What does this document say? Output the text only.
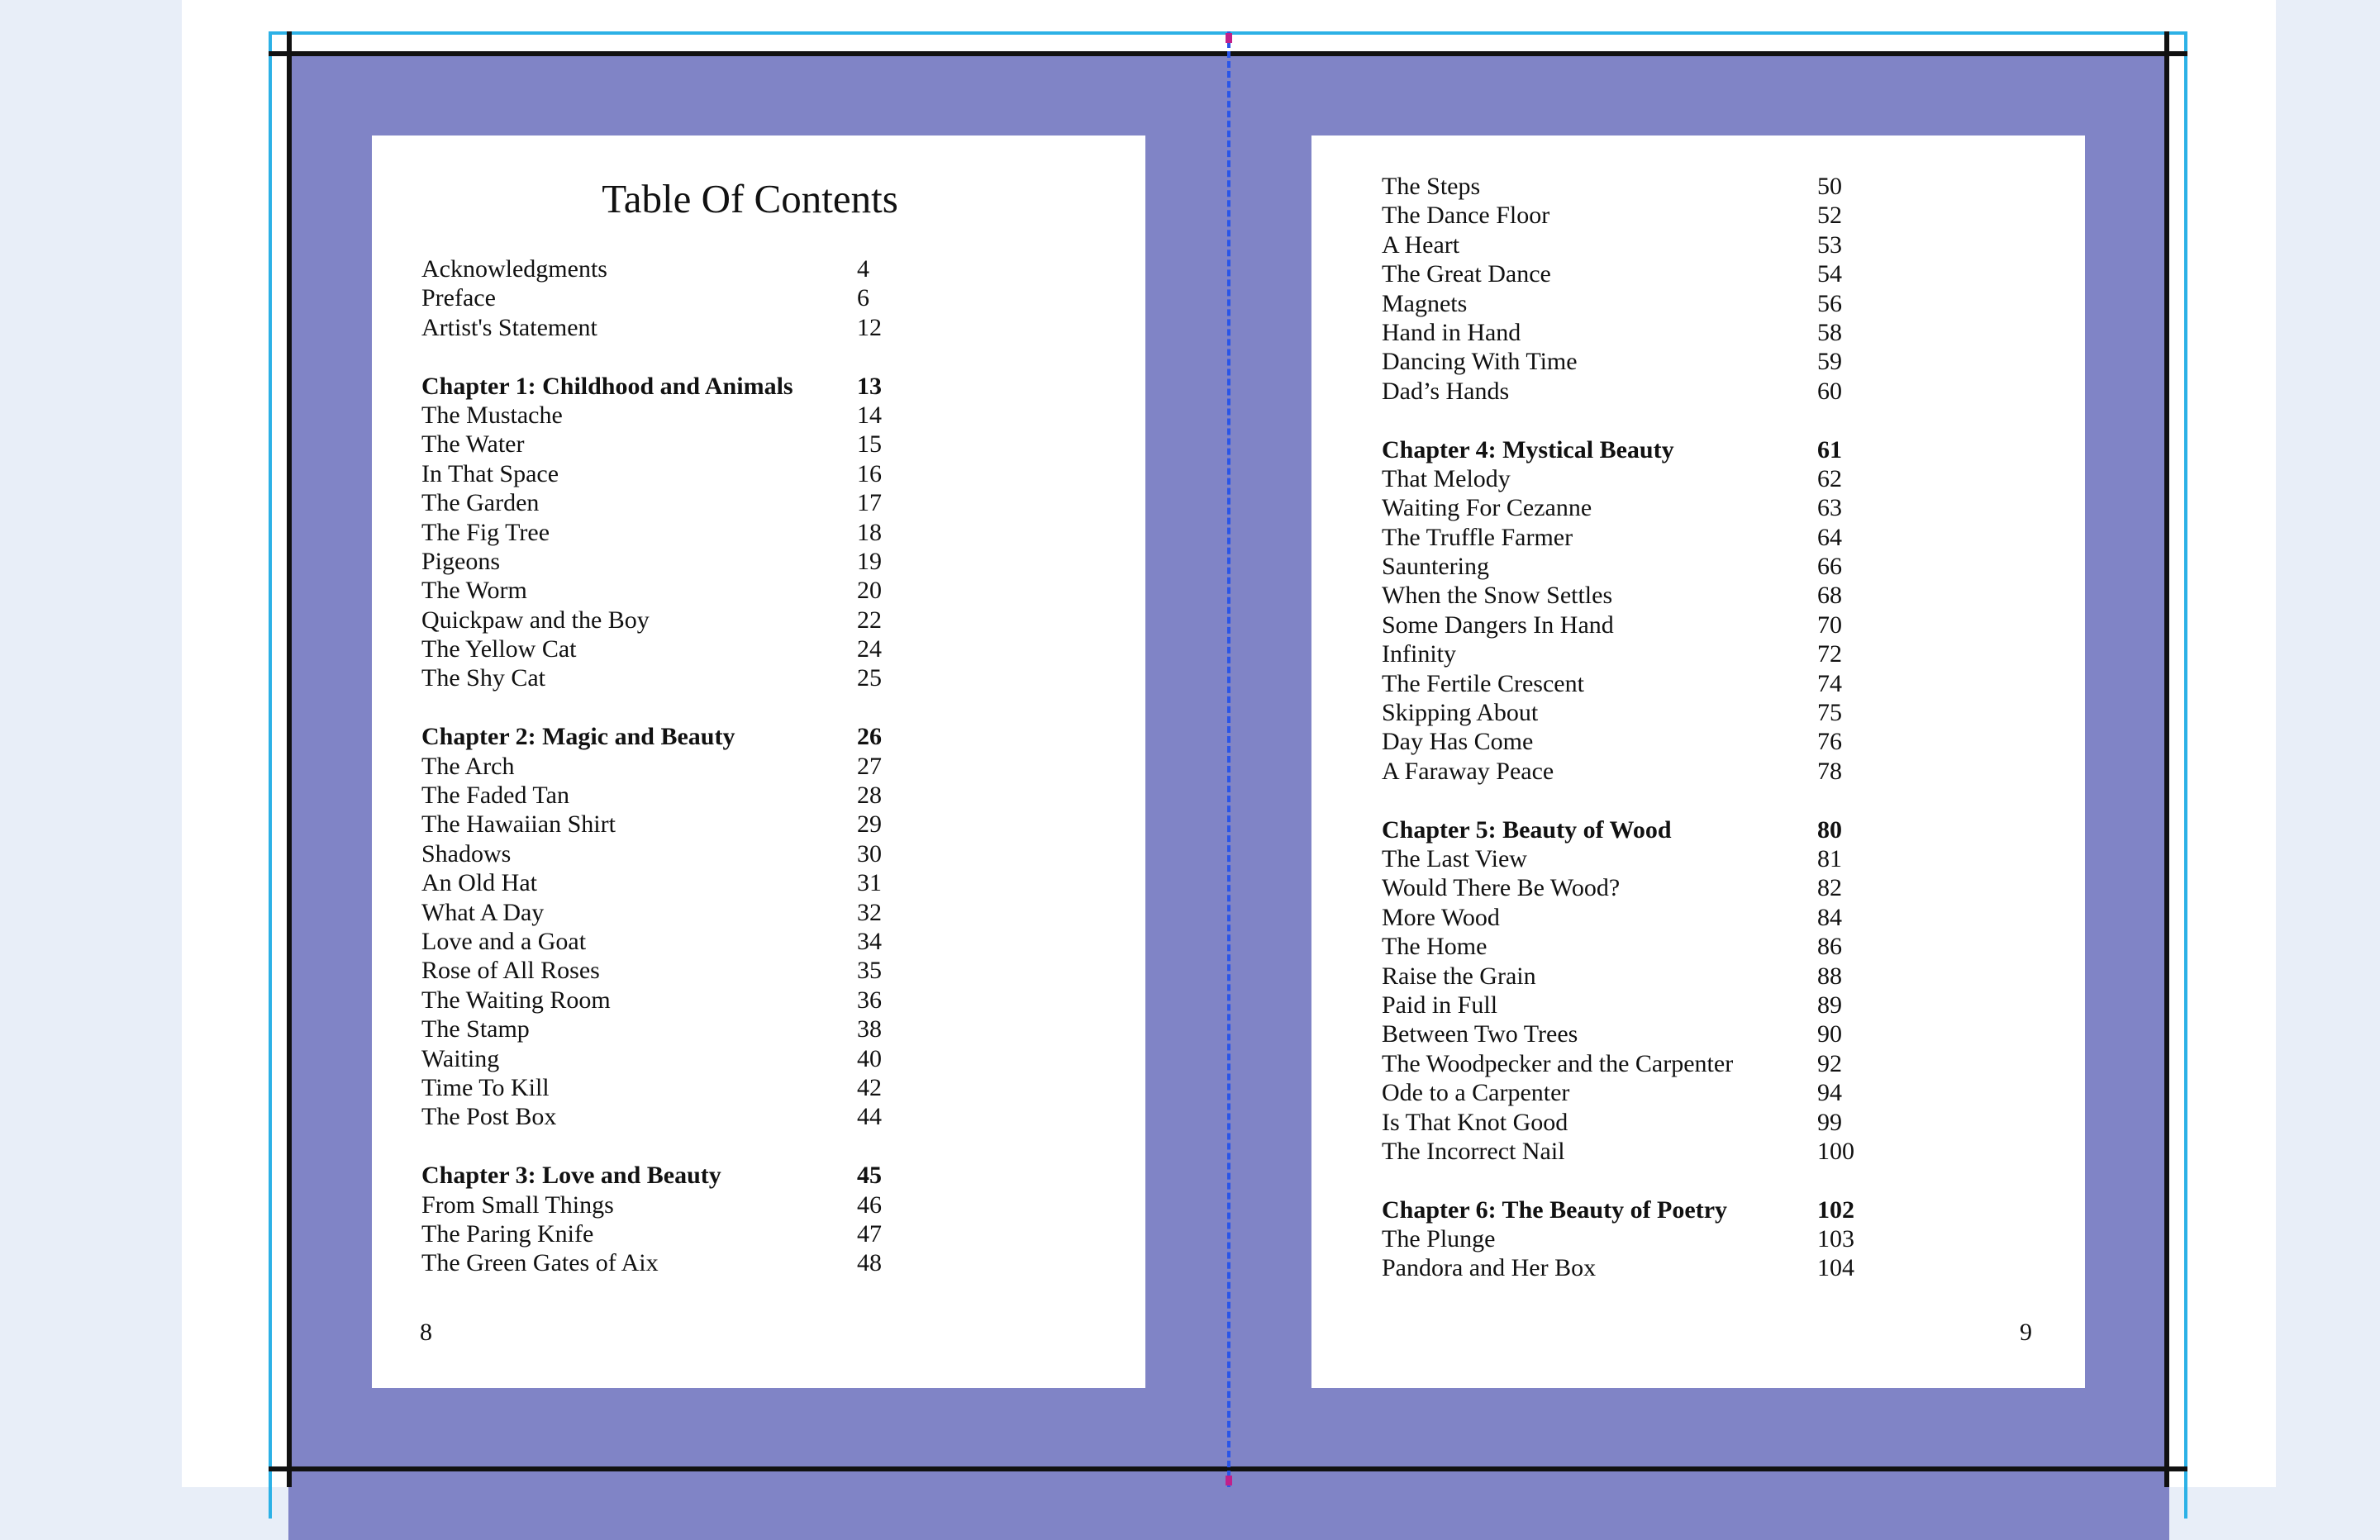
Table Of Contents
Acknowledgments	4
Preface	6
Artist's Statement	12
Chapter 1: Childhood and Animals	13
The Mustache	14
The Water	15
In That Space	16
The Garden	17
The Fig Tree	18
Pigeons	19
The Worm	20
Quickpaw and the Boy	22
The Yellow Cat	24
The Shy Cat	25
Chapter 2: Magic and Beauty	26
The Arch	27
The Faded Tan	28
The Hawaiian Shirt	29
Shadows	30
An Old Hat	31
What A Day	32
Love and a Goat	34
Rose of All Roses	35
The Waiting Room	36
The Stamp	38
Waiting	40
Time To Kill	42
The Post Box	44
Chapter 3: Love and Beauty	45
From Small Things	46
The Paring Knife	47
The Green Gates of Aix	48
8
The Steps	50
The Dance Floor	52
A Heart	53
The Great Dance	54
Magnets	56
Hand in Hand	58
Dancing With Time	59
Dad’s Hands	60
Chapter 4: Mystical Beauty	61
That Melody	62
Waiting For Cezanne	63
The Truffle Farmer	64
Sauntering	66
When the Snow Settles	68
Some Dangers In Hand	70
Infinity	72
The Fertile Crescent	74
Skipping About	75
Day Has Come	76
A Faraway Peace	78
Chapter 5: Beauty of Wood	80
The Last View	81
Would There Be Wood?	82
More Wood	84
The Home	86
Raise the Grain	88
Paid in Full	89
Between Two Trees	90
The Woodpecker and the Carpenter	92
Ode to a Carpenter	94
Is That Knot Good	99
The Incorrect Nail	100
Chapter 6: The Beauty of Poetry	102
The Plunge	103
Pandora and Her Box	104
9
